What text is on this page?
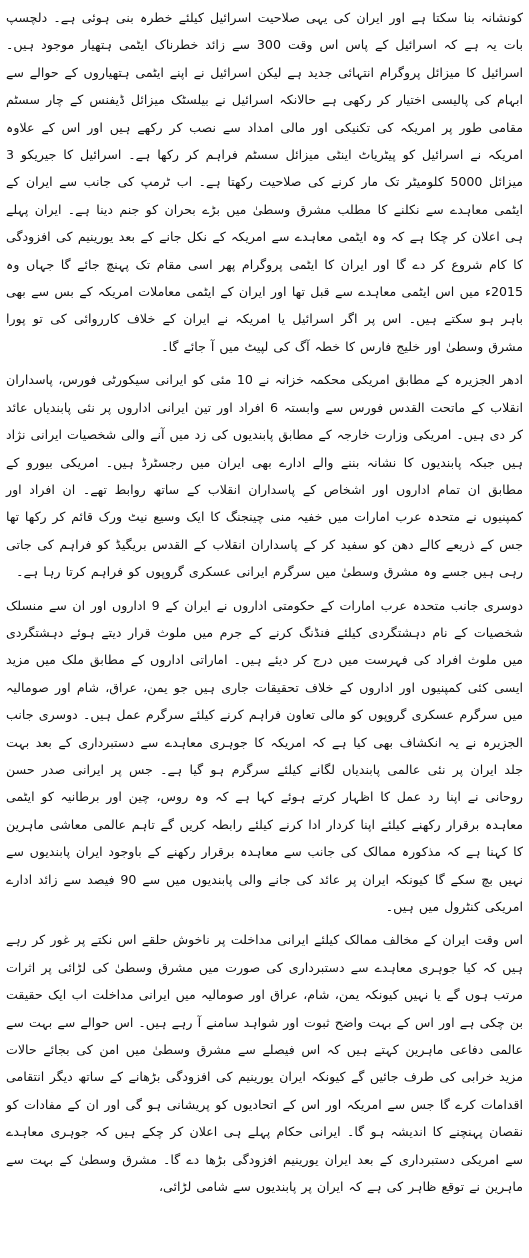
کونشانہ بنا سکتا ہے اور ایران کی یہی صلاحیت اسرائیل کیلئے خطرہ بنی ہوئی ہے۔ دلچسپ بات یہ ہے کہ اسرائیل کے پاس اس وقت 300 سے زائد خطرناک ایٹمی ہتھیار موجود ہیں۔ اسرائیل کا میزائل پروگرام انتہائی جدید ہے لیکن اسرائیل نے اپنے ایٹمی ہتھیاروں کے حوالے سے ابہام کی پالیسی اختیار کر رکھی ہے حالانکہ اسرائیل نے بیلسٹک میزائل ڈیفنس کے چار سسٹم مقامی طور پر امریکہ کی تکنیکی اور مالی امداد سے نصب کر رکھے ہیں اور اس کے علاوہ امریکہ نے اسرائیل کو پیٹریاٹ اینٹی میزائل سسٹم فراہم کر رکھا ہے۔ اسرائیل کا جیریکو 3 میزائل 5000 کلومیٹر تک مار کرنے کی صلاحیت رکھتا ہے۔ اب ٹرمپ کی جانب سے ایران کے ایٹمی معاہدے سے نکلنے کا مطلب مشرق وسطیٰ میں بڑے بحران کو جنم دینا ہے۔ ایران پہلے ہی اعلان کر چکا ہے کہ وہ ایٹمی معاہدے سے امریکہ کے نکل جانے کے بعد یورینیم کی افزودگی کا کام شروع کر دے گا اور ایران کا ایٹمی پروگرام پھر اسی مقام تک پہنچ جائے گا جہاں وہ 2015ء میں اس ایٹمی معاہدے سے قبل تھا اور ایران کے ایٹمی معاملات امریکہ کے بس سے بھی باہر ہو سکتے ہیں۔ اس پر اگر اسرائیل یا امریکہ نے ایران کے خلاف کارروائی کی تو پورا مشرق وسطیٰ اور خلیج فارس کا خطہ آگ کی لپیٹ میں آ جائے گا۔

ادھر الجزیرہ کے مطابق امریکی محکمہ خزانہ نے 10 مئی کو ایرانی سیکورٹی فورس، پاسداران انقلاب کے ماتحت القدس فورس سے وابستہ 6 افراد اور تین ایرانی اداروں پر نئی پابندیاں عائد کر دی ہیں۔ امریکی وزارت خارجہ کے مطابق پابندیوں کی زد میں آنے والی شخصیات ایرانی نژاد ہیں جبکہ پابندیوں کا نشانہ بننے والے ادارے بھی ایران میں رجسٹرڈ ہیں۔ امریکی بیورو کے مطابق ان تمام اداروں اور اشخاص کے پاسداران انقلاب کے ساتھ روابط تھے۔ ان افراد اور کمپنیوں نے متحدہ عرب امارات میں خفیہ منی چینجنگ کا ایک وسیع نیٹ ورک قائم کر رکھا تھا جس کے ذریعے کالے دھن کو سفید کر کے پاسداران انقلاب کے القدس بریگیڈ کو فراہم کی جاتی رہی ہیں جسے وہ مشرق وسطیٰ میں سرگرم ایرانی عسکری گروپوں کو فراہم کرتا رہا ہے۔

دوسری جانب متحدہ عرب امارات کے حکومتی اداروں نے ایران کے 9 اداروں اور ان سے منسلک شخصیات کے نام دہشتگردی کیلئے فنڈنگ کرنے کے جرم میں ملوث قرار دیتے ہوئے دہشتگردی میں ملوث افراد کی فہرست میں درج کر دیئے ہیں۔ اماراتی اداروں کے مطابق ملک میں مزید ایسی کئی کمپنیوں اور اداروں کے خلاف تحقیقات جاری ہیں جو یمن، عراق، شام اور صومالیہ میں سرگرم عسکری گروپوں کو مالی تعاون فراہم کرنے کیلئے سرگرم عمل ہیں۔ دوسری جانب الجزیرہ نے یہ انکشاف بھی کیا ہے کہ امریکہ کا جوہری معاہدے سے دستبرداری کے بعد بہت جلد ایران پر نئی عالمی پابندیاں لگانے کیلئے سرگرم ہو گیا ہے۔ جس پر ایرانی صدر حسن روحانی نے اپنا رد عمل کا اظہار کرتے ہوئے کہا ہے کہ وہ روس، چین اور برطانیہ کو ایٹمی معاہدہ برقرار رکھنے کیلئے اپنا کردار ادا کرنے کیلئے رابطہ کریں گے تاہم عالمی معاشی ماہرین کا کہنا ہے کہ مذکورہ ممالک کی جانب سے معاہدہ برقرار رکھنے کے باوجود ایران پابندیوں سے نہیں بچ سکے گا کیونکہ ایران پر عائد کی جانے والی پابندیوں میں سے 90 فیصد سے زائد ادارے امریکی کنٹرول میں ہیں۔

اس وقت ایران کے مخالف ممالک کیلئے ایرانی مداخلت پر ناخوش حلقے اس نکتے پر غور کر رہے ہیں کہ کیا جوہری معاہدے سے دستبرداری کی صورت میں مشرق وسطیٰ کی لڑائی پر اثرات مرتب ہوں گے یا نہیں کیونکہ یمن، شام، عراق اور صومالیہ میں ایرانی مداخلت اب ایک حقیقت بن چکی ہے اور اس کے بہت واضح ثبوت اور شواہد سامنے آ رہے ہیں۔ اس حوالے سے بہت سے عالمی دفاعی ماہرین کہتے ہیں کہ اس فیصلے سے مشرق وسطیٰ میں امن کی بجائے حالات مزید خرابی کی طرف جائیں گے کیونکہ ایران یورینیم کی افزودگی بڑھانے کے ساتھ دیگر انتقامی اقدامات کرے گا جس سے امریکہ اور اس کے اتحادیوں کو پریشانی ہو گی اور ان کے مفادات کو نقصان پہنچنے کا اندیشہ ہو گا۔ ایرانی حکام پہلے ہی اعلان کر چکے ہیں کہ جوہری معاہدے سے امریکی دستبرداری کے بعد ایران یورینیم افزودگی بڑھا دے گا۔ مشرق وسطیٰ کے بہت سے ماہرین نے توقع ظاہر کی ہے کہ ایران پر پابندیوں سے شامی لڑائی،
